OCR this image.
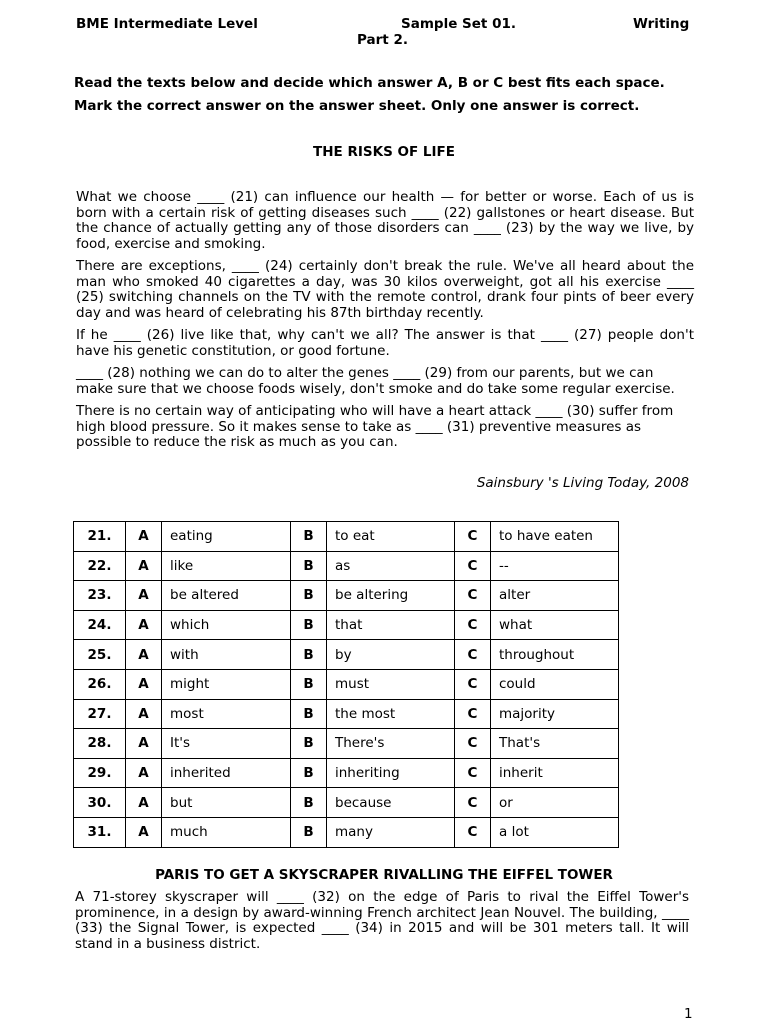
BME Intermediate Level	Sample Set 01.	Writing
Part 2.
Read the texts below and decide which answer A, B or C best fits each space.
Mark the correct answer on the answer sheet. Only one answer is correct.
THE RISKS OF LIFE

What we choose ____ (21) can influence our health — for better or worse. Each of us is born with a certain risk of getting diseases such ____ (22) gallstones or heart disease. But the chance of actually getting any of those disorders can ____ (23) by the way we live, by food, exercise and smoking.

There are exceptions, ____ (24) certainly don't break the rule. We've all heard about the man who smoked 40 cigarettes a day, was 30 kilos overweight, got all his exercise ____ (25) switching channels on the TV with the remote control, drank four pints of beer every day and was heard of celebrating his 87th birthday recently.

If he ____ (26) live like that, why can't we all? The answer is that ____ (27) people don't have his genetic constitution, or good fortune.

____ (28) nothing we can do to alter the genes ____ (29) from our parents, but we can make sure that we choose foods wisely, don't smoke and do take some regular exercise.

There is no certain way of anticipating who will have a heart attack ____ (30) suffer from high blood pressure. So it makes sense to take as ____ (31) preventive measures as possible to reduce the risk as much as you can.

Sainsbury 's Living Today, 2008
21.	A	eating	B	to eat	C	to have eaten
22.	A	like	B	as	C	--
23.	A	be altered	B	be altering	C	alter
24.	A	which	B	that	C	what
25.	A	with	B	by	C	throughout
26.	A	might	B	must	C	could
27.	A	most	B	the most	C	majority
28.	A	It's	B	There's	C	That's
29.	A	inherited	B	inheriting	C	inherit
30.	A	but	B	because	C	or
31.	A	much	B	many	C	a lot
PARIS TO GET A SKYSCRAPER RIVALLING THE EIFFEL TOWER
A 71-storey skyscraper will ____ (32) on the edge of Paris to rival the Eiffel Tower's prominence, in a design by award-winning French architect Jean Nouvel. The building, ____ (33) the Signal Tower, is expected ____ (34) in 2015 and will be 301 meters tall. It will stand in a business district.
1
